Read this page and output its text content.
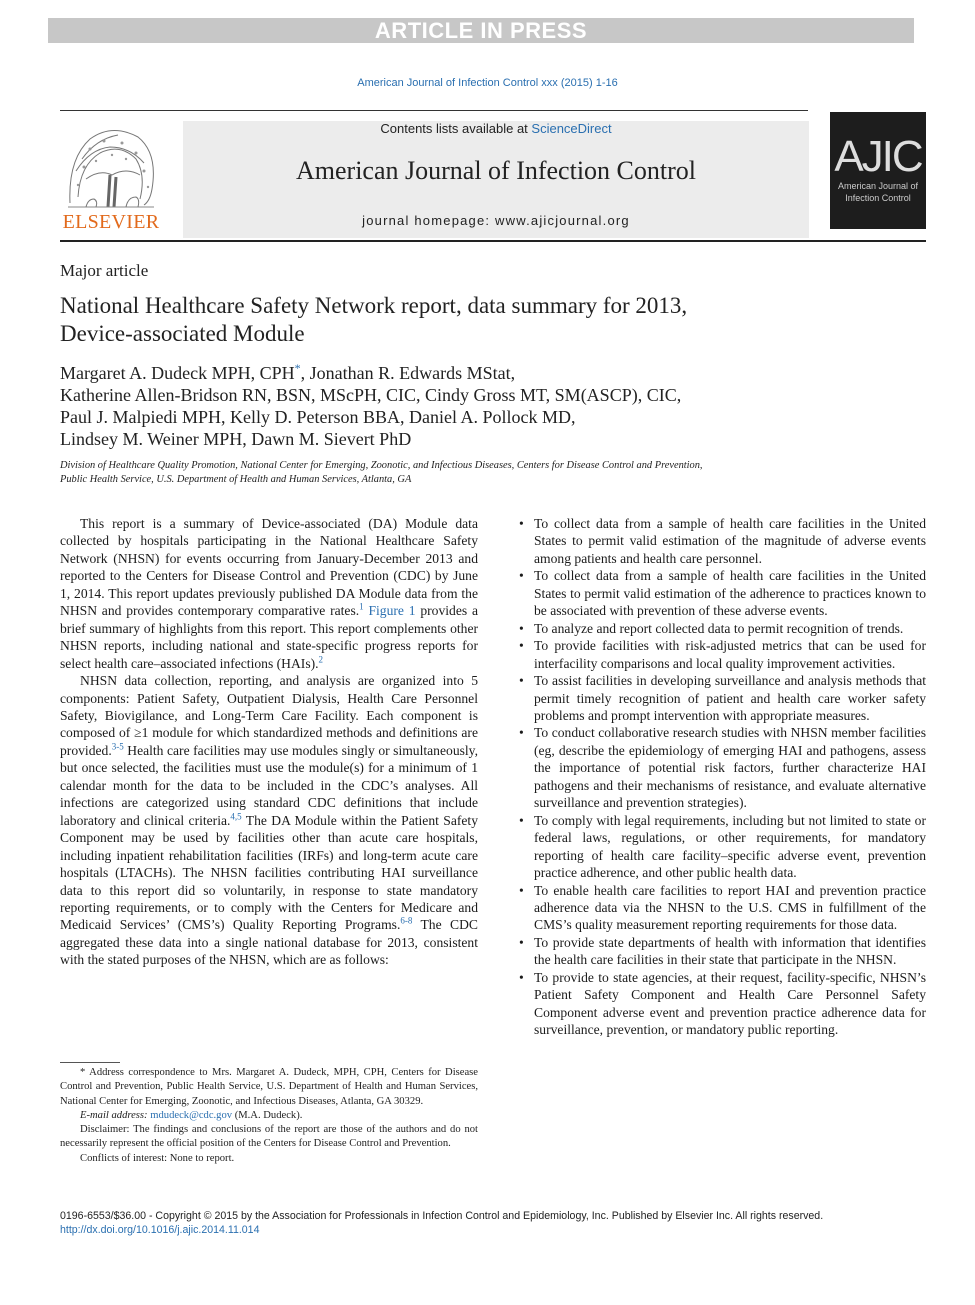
ARTICLE IN PRESS
American Journal of Infection Control xxx (2015) 1-16
ELSEVIER
Contents lists available at ScienceDirect
American Journal of Infection Control
journal homepage: www.ajicjournal.org
AJIC
American Journal of Infection Control
Major article
National Healthcare Safety Network report, data summary for 2013,
Device-associated Module
Margaret A. Dudeck MPH, CPH*, Jonathan R. Edwards MStat,
Katherine Allen-Bridson RN, BSN, MScPH, CIC, Cindy Gross MT, SM(ASCP), CIC,
Paul J. Malpiedi MPH, Kelly D. Peterson BBA, Daniel A. Pollock MD,
Lindsey M. Weiner MPH, Dawn M. Sievert PhD
Division of Healthcare Quality Promotion, National Center for Emerging, Zoonotic, and Infectious Diseases, Centers for Disease Control and Prevention,
Public Health Service, U.S. Department of Health and Human Services, Atlanta, GA

This report is a summary of Device-associated (DA) Module data collected by hospitals participating in the National Healthcare Safety Network (NHSN) for events occurring from January-December 2013 and reported to the Centers for Disease Control and Prevention (CDC) by June 1, 2014. This report updates previously published DA Module data from the NHSN and provides contemporary comparative rates.$^1$ Figure 1 provides a brief summary of highlights from this report. This report complements other NHSN reports, including national and state-specific progress reports for select health care–associated infections (HAIs).$^2$

NHSN data collection, reporting, and analysis are organized into 5 components: Patient Safety, Outpatient Dialysis, Health Care Personnel Safety, Biovigilance, and Long-Term Care Facility. Each component is composed of ≥1 module for which standardized methods and definitions are provided.$^{3-5}$ Health care facilities may use modules singly or simultaneously, but once selected, the facilities must use the module(s) for a minimum of 1 calendar month for the data to be included in the CDC’s analyses. All infections are categorized using standard CDC definitions that include laboratory and clinical criteria.$^{4,5}$ The DA Module within the Patient Safety Component may be used by facilities other than acute care hospitals, including inpatient rehabilitation facilities (IRFs) and long-term acute care hospitals (LTACHs). The NHSN facilities contributing HAI surveillance data to this report did so voluntarily, in response to state mandatory reporting requirements, or to comply with the Centers for Medicare and Medicaid Services’ (CMS’s) Quality Reporting Programs.$^{6-8}$ The CDC aggregated these data into a single national database for 2013, consistent with the stated purposes of the NHSN, which are as follows:

* Address correspondence to Mrs. Margaret A. Dudeck, MPH, CPH, Centers for Disease Control and Prevention, Public Health Service, U.S. Department of Health and Human Services, National Center for Emerging, Zoonotic, and Infectious Diseases, Atlanta, GA 30329.

E-mail address: mdudeck@cdc.gov (M.A. Dudeck).

Disclaimer: The findings and conclusions of the report are those of the authors and do not necessarily represent the official position of the Centers for Disease Control and Prevention.

Conflicts of interest: None to report.

• To collect data from a sample of health care facilities in the United States to permit valid estimation of the magnitude of adverse events among patients and health care personnel.
• To collect data from a sample of health care facilities in the United States to permit valid estimation of the adherence to practices known to be associated with prevention of these adverse events.
• To analyze and report collected data to permit recognition of trends.
• To provide facilities with risk-adjusted metrics that can be used for interfacility comparisons and local quality improvement activities.
• To assist facilities in developing surveillance and analysis methods that permit timely recognition of patient and health care worker safety problems and prompt intervention with appropriate measures.
• To conduct collaborative research studies with NHSN member facilities (eg, describe the epidemiology of emerging HAI and pathogens, assess the importance of potential risk factors, further characterize HAI pathogens and their mechanisms of resistance, and evaluate alternative surveillance and prevention strategies).
• To comply with legal requirements, including but not limited to state or federal laws, regulations, or other requirements, for mandatory reporting of health care facility–specific adverse event, prevention practice adherence, and other public health data.
• To enable health care facilities to report HAI and prevention practice adherence data via the NHSN to the U.S. CMS in fulfillment of the CMS’s quality measurement reporting requirements for those data.
• To provide state departments of health with information that identifies the health care facilities in their state that participate in the NHSN.
• To provide to state agencies, at their request, facility-specific, NHSN’s Patient Safety Component and Health Care Personnel Safety Component adverse event and prevention practice adherence data for surveillance, prevention, or mandatory public reporting.
0196-6553/$36.00 - Copyright © 2015 by the Association for Professionals in Infection Control and Epidemiology, Inc. Published by Elsevier Inc. All rights reserved.
http://dx.doi.org/10.1016/j.ajic.2014.11.014
